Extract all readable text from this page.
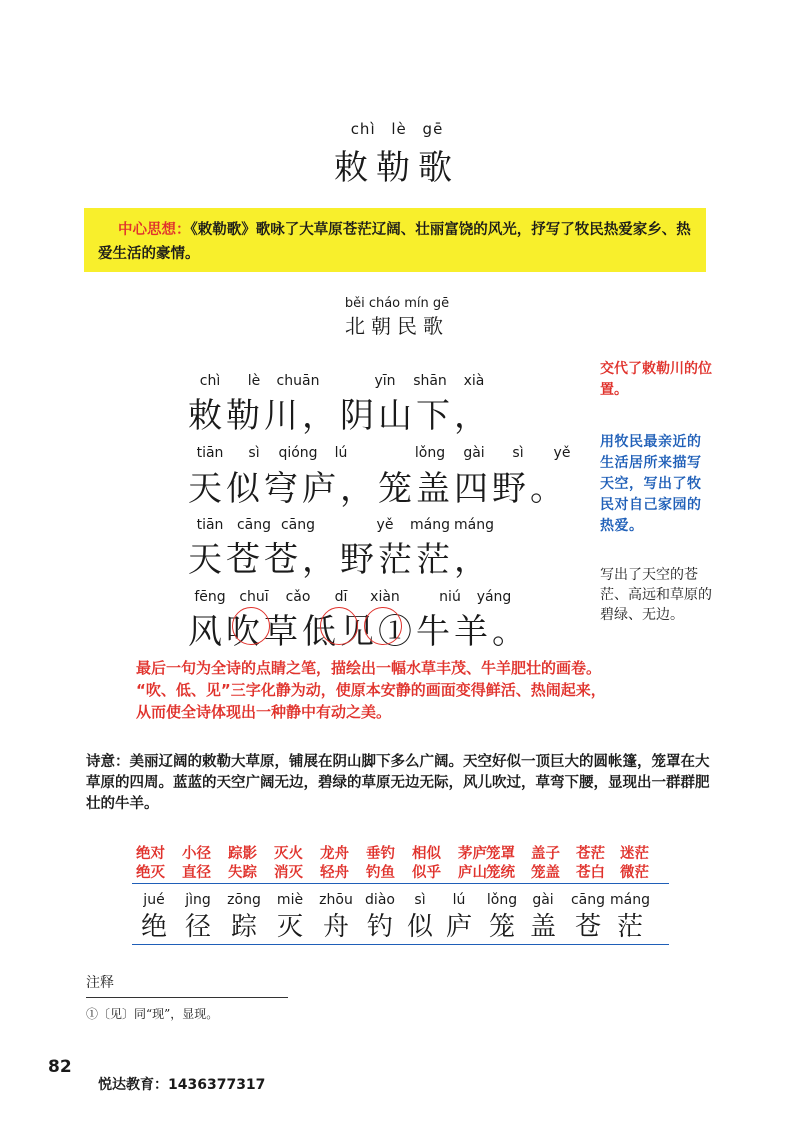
chì lè gē
敕勒歌
中心思想：《敕勒歌》歌咏了大草原苍茫辽阔、壮丽富饶的风光，抒写了牧民热爱家乡、热爱生活的豪情。
běi cháo mín gē
北朝民歌
chì lè chuān	yīn shān xià
敕勒川，阴山下，
tiān sì qióng lú	lǒng gài sì yě
天似穹庐，笼盖四野。
tiān cāng cāng	yě máng máng
天苍苍，野茫茫，
fēng chuī cǎo dī xiàn	niú yáng
风吹草低见①牛羊。
交代了敕勒川的位置。
用牧民最亲近的生活居所来描写天空，写出了牧民对自己家园的热爱。
写出了天空的苍茫、高远和草原的碧绿、无边。
最后一句为全诗的点睛之笔，描绘出一幅水草丰茂、牛羊肥壮的画卷。
“吹、低、见”三字化静为动，使原本安静的画面变得鲜活、热闹起来，
从而使全诗体现出一种静中有动之美。
诗意：美丽辽阔的敕勒大草原，铺展在阴山脚下多么广阔。天空好似一顶巨大的圆帐篷，笼罩在大草原的四周。蓝蓝的天空广阔无边，碧绿的草原无边无际，风儿吹过，草弯下腰，显现出一群群肥壮的牛羊。
绝对 小径 踪影 灭火 龙舟 垂钓 相似 茅庐 笼罩 盖子 苍茫 迷茫
绝灭 直径 失踪 消灭 轻舟 钓鱼 似乎 庐山 笼统 笼盖 苍白 微茫
jué jìng zōng miè zhōu diào sì lú lǒng gài cāng máng
绝 径 踪 灭 舟 钓 似 庐 笼 盖 苍 茫
注释
①〔见〕同“现”，显现。
82
悦达教育：1436377317
